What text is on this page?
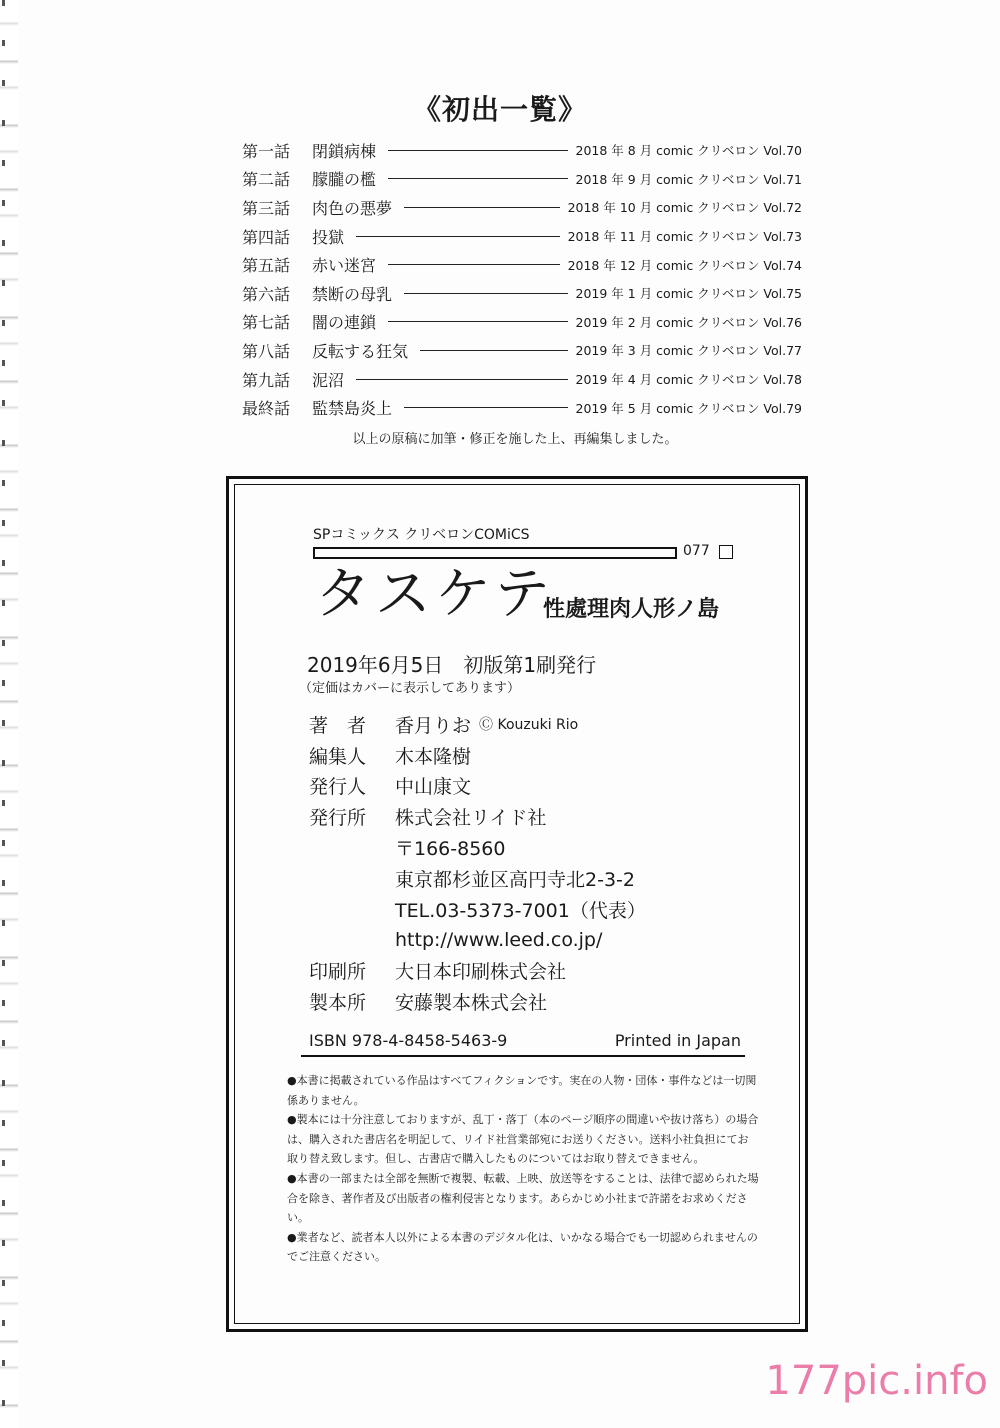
《初出一覧》
第一話	閉鎖病棟	2018 年 8 月 comic クリベロン Vol.70
第二話	朦朧の檻	2018 年 9 月 comic クリベロン Vol.71
第三話	肉色の悪夢	2018 年 10 月 comic クリベロン Vol.72
第四話	投獄	2018 年 11 月 comic クリベロン Vol.73
第五話	赤い迷宮	2018 年 12 月 comic クリベロン Vol.74
第六話	禁断の母乳	2019 年 1 月 comic クリベロン Vol.75
第七話	闇の連鎖	2019 年 2 月 comic クリベロン Vol.76
第八話	反転する狂気	2019 年 3 月 comic クリベロン Vol.77
第九話	泥沼	2019 年 4 月 comic クリベロン Vol.78
最終話	監禁島炎上	2019 年 5 月 comic クリベロン Vol.79
以上の原稿に加筆・修正を施した上、再編集しました。
SPコミックス クリベロンCOMiCS
077
タスケテ
性處理肉人形ノ島
2019年6月5日　初版第1刷発行
（定価はカバーに表示してあります）
著　者	香月りお Ⓒ Kouzuki Rio
編集人	木本隆樹
発行人	中山康文
発行所	株式会社リイド社
〒166-8560
東京都杉並区高円寺北2-3-2
TEL.03-5373-7001（代表）
http://www.leed.co.jp/
印刷所	大日本印刷株式会社
製本所	安藤製本株式会社
ISBN 978-4-8458-5463-9	Printed in Japan
●本書に掲載されている作品はすべてフィクションです。実在の人物・団体・事件などは一切関係ありません。
●製本には十分注意しておりますが、乱丁・落丁（本のページ順序の間違いや抜け落ち）の場合は、購入された書店名を明記して、リイド社営業部宛にお送りください。送料小社負担にてお取り替え致します。但し、古書店で購入したものについてはお取り替えできません。
●本書の一部または全部を無断で複製、転載、上映、放送等をすることは、法律で認められた場合を除き、著作者及び出版者の権利侵害となります。あらかじめ小社まで許諾をお求めください。
●業者など、読者本人以外による本書のデジタル化は、いかなる場合でも一切認められませんのでご注意ください。
177pic.info
